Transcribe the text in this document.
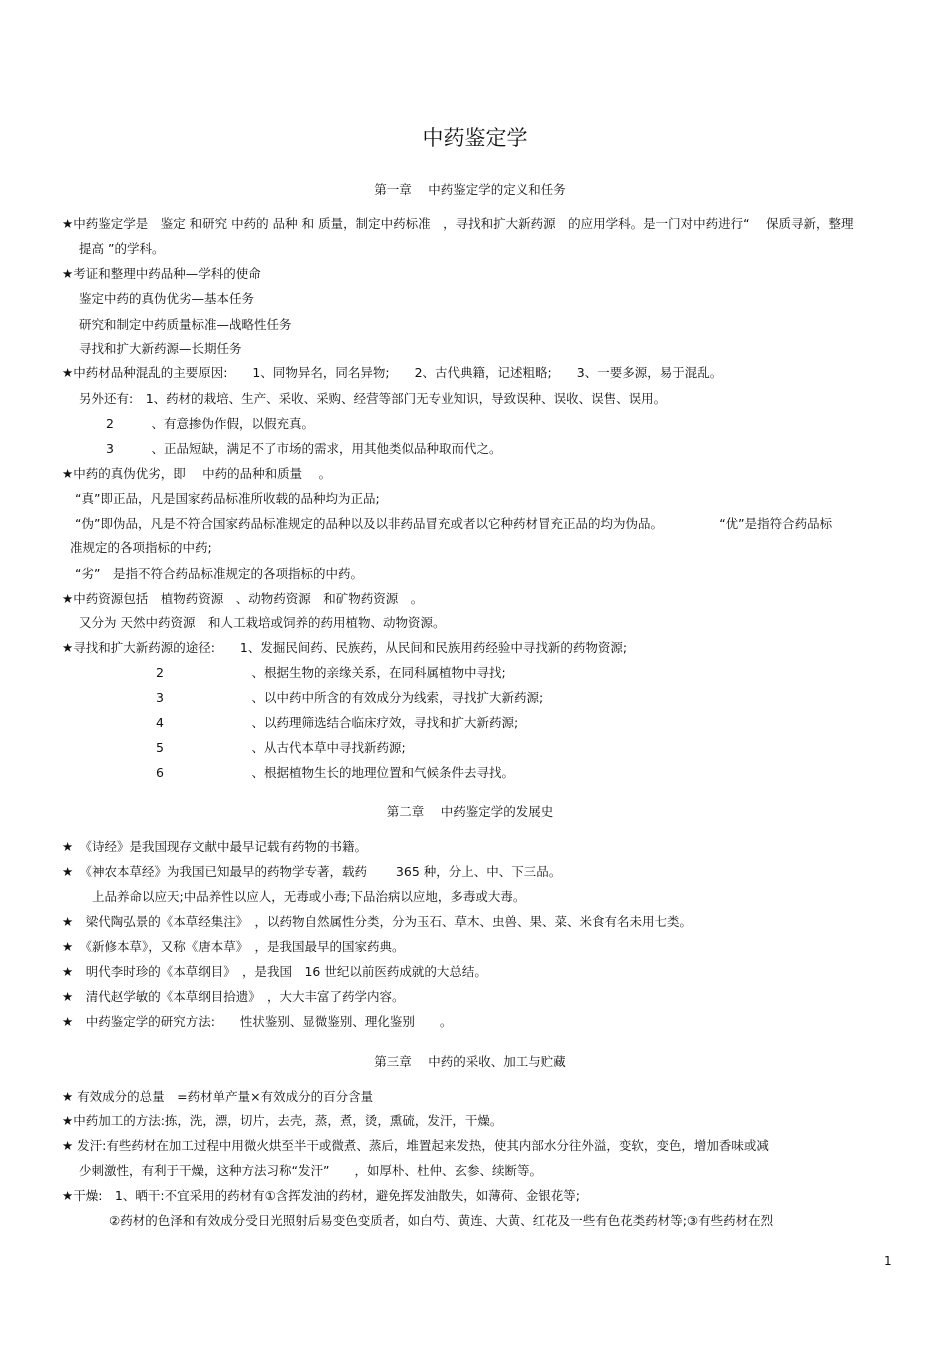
中药鉴定学
第一章　 中药鉴定学的定义和任务
★中药鉴定学是　鉴定 和研究 中药的 品种 和 质量，制定中药标准　，寻找和扩大新药源　的应用学科。是一门对中药进行“　 保质寻新，整理
提高 ”的学科。
★考证和整理中药品种—学科的使命
鉴定中药的真伪优劣—基本任务
研究和制定中药质量标准—战略性任务
寻找和扩大新药源—长期任务
★中药材品种混乱的主要原因:　　1、同物异名，同名异物;　　2、古代典籍，记述粗略;　　3、一要多源，易于混乱。
另外还有:　1、药材的栽培、生产、采收、采购、经营等部门无专业知识，导致误种、误收、误售、误用。
2　　　、有意掺伪作假，以假充真。
3　　　、正品短缺，满足不了市场的需求，用其他类似品种取而代之。
★中药的真伪优劣，即　 中药的品种和质量　 。
“真”即正品，凡是国家药品标准所收载的品种均为正品;
“伪”即伪品，凡是不符合国家药品标准规定的品种以及以非药品冒充或者以它种药材冒充正品的均为伪品。　　　　　“优”是指符合药品标
准规定的各项指标的中药;
“劣”　是指不符合药品标准规定的各项指标的中药。
★中药资源包括　植物药资源　、动物药资源　和矿物药资源　。
又分为 天然中药资源　和人工栽培或饲养的药用植物、动物资源。
★寻找和扩大新药源的途径:　　1、发掘民间药、民族药，从民间和民族用药经验中寻找新的药物资源;
2　　　　　　　、根据生物的亲缘关系，在同科属植物中寻找;
3　　　　　　　、以中药中所含的有效成分为线索，寻找扩大新药源;
4　　　　　　　、以药理筛选结合临床疗效，寻找和扩大新药源;
5　　　　　　　、从古代本草中寻找新药源;
6　　　　　　　、根据植物生长的地理位置和气候条件去寻找。
第二章　 中药鉴定学的发展史
★　《诗经》是我国现存文献中最早记载有药物的书籍。
★　《神农本草经》为我国已知最早的药物学专著，载药　　 365 种，分上、中、下三品。
上品养命以应天;中品养性以应人，无毒或小毒;下品治病以应地，多毒或大毒。
★　梁代陶弘景的《本草经集注》　，以药物自然属性分类，分为玉石、草木、虫兽、果、菜、米食有名未用七类。
★　《新修本草》，又称《唐本草》　，是我国最早的国家药典。
★　明代李时珍的《本草纲目》　，是我国　16 世纪以前医药成就的大总结。
★　清代赵学敏的《本草纲目拾遗》　，大大丰富了药学内容。
★　中药鉴定学的研究方法:　　性状鉴别、显微鉴别、理化鉴别　　。
第三章　 中药的采收、加工与贮藏
★ 有效成分的总量　=药材单产量×有效成分的百分含量
★中药加工的方法:拣，洗，漂，切片，去壳，蒸，煮，烫，熏硫，发汗，干燥。
★ 发汗:有些药材在加工过程中用微火烘至半干或微煮、蒸后，堆置起来发热，使其内部水分往外溢，变软，变色，增加香味或减
少刺激性，有利于干燥，这种方法习称“发汗”　　，如厚朴、杜仲、玄参、续断等。
★干燥:　1、晒干:不宜采用的药材有①含挥发油的药材，避免挥发油散失，如薄荷、金银花等;
②药材的色泽和有效成分受日光照射后易变色变质者，如白芍、黄连、大黄、红花及一些有色花类药材等;③有些药材在烈
1
